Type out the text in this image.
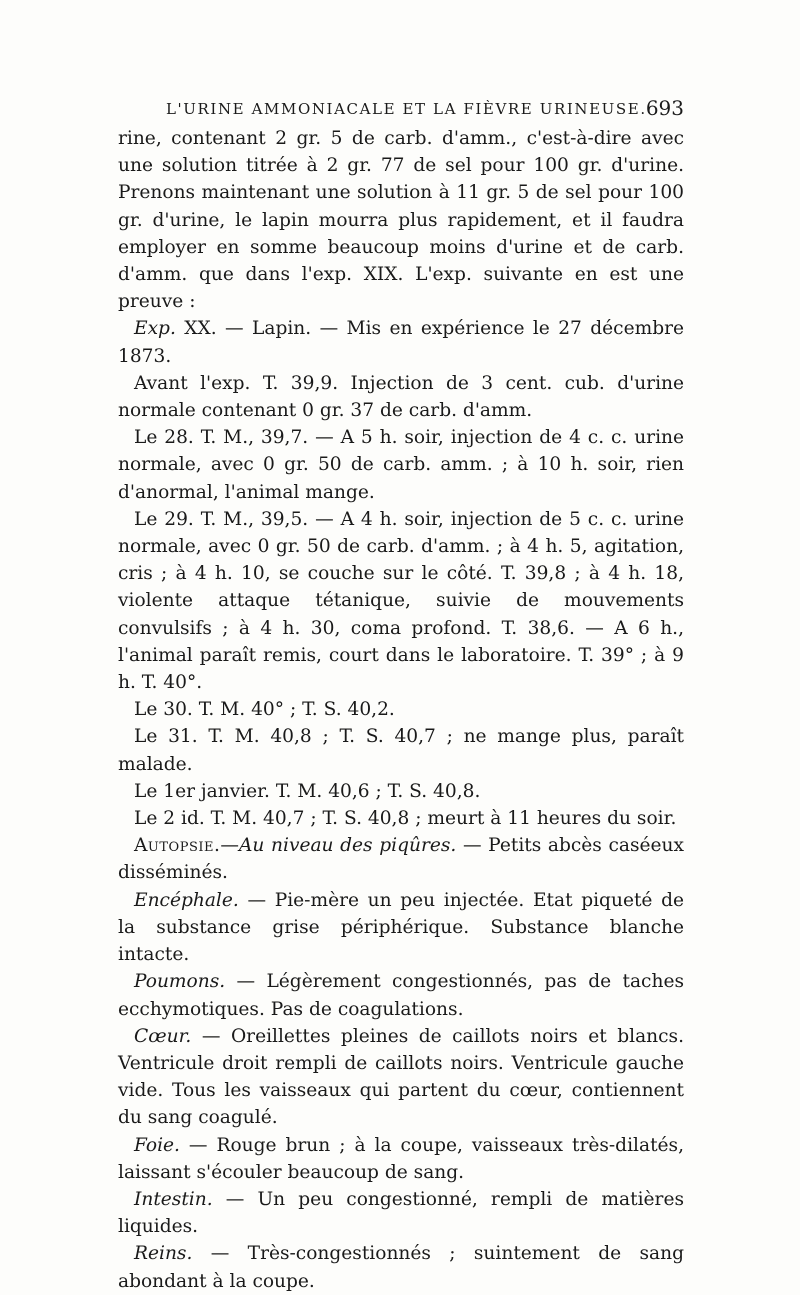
L'URINE AMMONIACALE ET LA FIÈVRE URINEUSE. 693

rine, contenant 2 gr. 5 de carb. d'amm., c'est-à-dire avec une solution titrée à 2 gr. 77 de sel pour 100 gr. d'urine. Prenons maintenant une solution à 11 gr. 5 de sel pour 100 gr. d'urine, le lapin mourra plus rapidement, et il faudra employer en somme beaucoup moins d'urine et de carb. d'amm. que dans l'exp. XIX. L'exp. suivante en est une preuve :

Exp. XX. — Lapin. — Mis en expérience le 27 décembre 1873.

Avant l'exp. T. 39,9. Injection de 3 cent. cub. d'urine normale contenant 0 gr. 37 de carb. d'amm.

Le 28. T. M., 39,7. — A 5 h. soir, injection de 4 c. c. urine normale, avec 0 gr. 50 de carb. amm. ; à 10 h. soir, rien d'anormal, l'animal mange.

Le 29. T. M., 39,5. — A 4 h. soir, injection de 5 c. c. urine normale, avec 0 gr. 50 de carb. d'amm. ; à 4 h. 5, agitation, cris ; à 4 h. 10, se couche sur le côté. T. 39,8 ; à 4 h. 18, violente attaque tétanique, suivie de mouvements convulsifs ; à 4 h. 30, coma profond. T. 38,6. — A 6 h., l'animal paraît remis, court dans le laboratoire. T. 39° ; à 9 h. T. 40°.

Le 30. T. M. 40° ; T. S. 40,2.

Le 31. T. M. 40,8 ; T. S. 40,7 ; ne mange plus, paraît malade.

Le 1er janvier. T. M. 40,6 ; T. S. 40,8.

Le 2 id. T. M. 40,7 ; T. S. 40,8 ; meurt à 11 heures du soir.

Autopsie.—Au niveau des piqûres. — Petits abcès caséeux disséminés.

Encéphale. — Pie-mère un peu injectée. Etat piqueté de la substance grise périphérique. Substance blanche intacte.

Poumons. — Légèrement congestionnés, pas de taches ecchymotiques. Pas de coagulations.

Cœur. — Oreillettes pleines de caillots noirs et blancs. Ventricule droit rempli de caillots noirs. Ventricule gauche vide. Tous les vaisseaux qui partent du cœur, contiennent du sang coagulé.

Foie. — Rouge brun ; à la coupe, vaisseaux très-dilatés, laissant s'écouler beaucoup de sang.

Intestin. — Un peu congestionné, rempli de matières liquides.

Reins. — Très-congestionnés ; suintement de sang abondant à la coupe.
